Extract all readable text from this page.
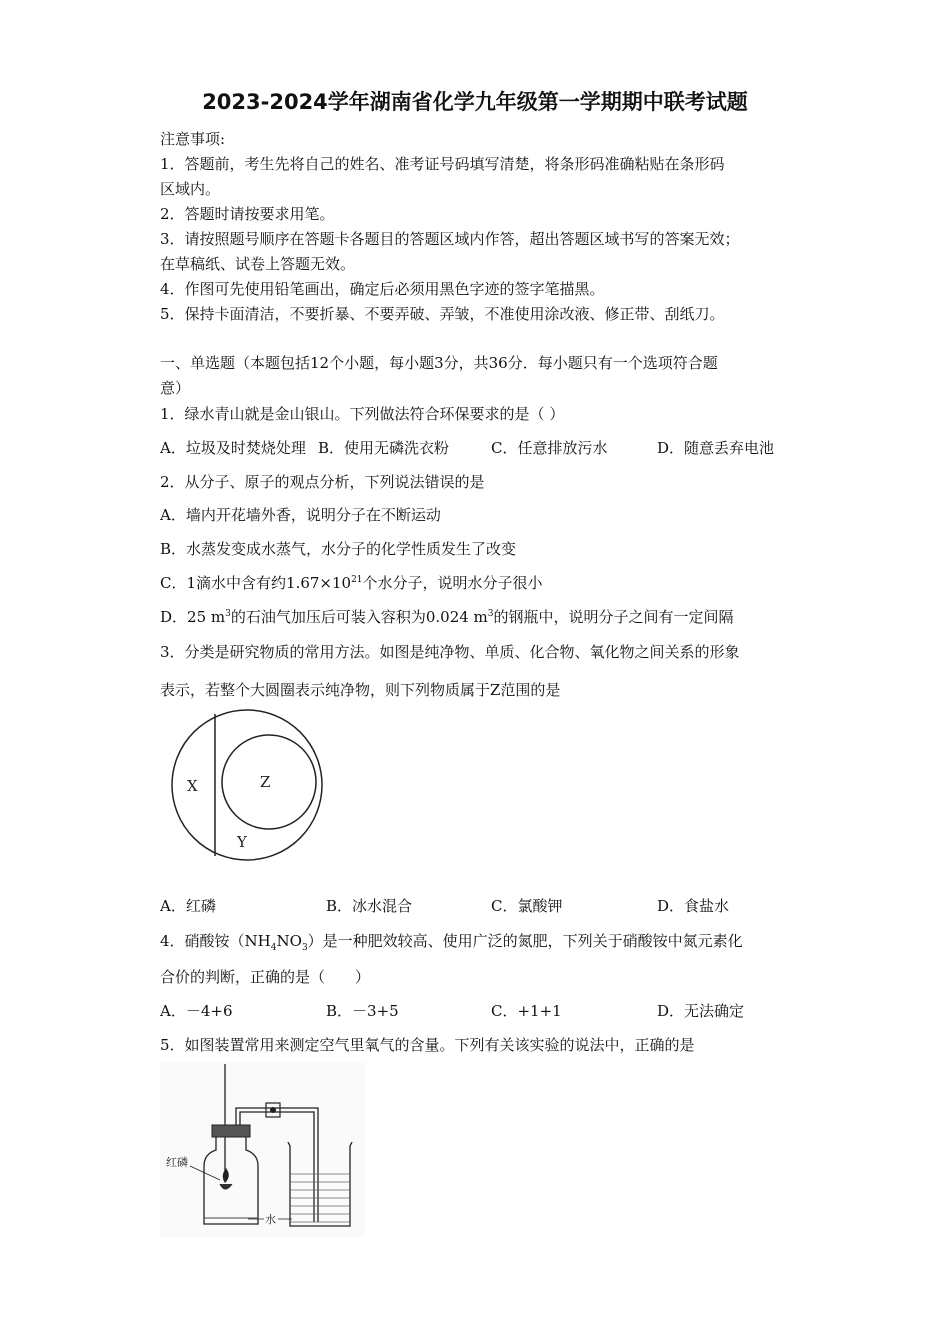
2023-2024学年湖南省化学九年级第一学期期中联考试题
注意事项:
1．答题前，考生先将自己的姓名、准考证号码填写清楚，将条形码准确粘贴在条形码
区域内。
2．答题时请按要求用笔。
3．请按照题号顺序在答题卡各题目的答题区域内作答，超出答题区域书写的答案无效；
在草稿纸、试卷上答题无效。
4．作图可先使用铅笔画出，确定后必须用黑色字迹的签字笔描黑。
5．保持卡面清洁，不要折暴、不要弄破、弄皱，不准使用涂改液、修正带、刮纸刀。
一、单选题（本题包括12个小题，每小题3分，共36分．每小题只有一个选项符合题
意）
1．绿水青山就是金山银山。下列做法符合环保要求的是（ ）
A．垃圾及时焚烧处理 B．使用无磷洗衣粉	C．任意排放污水	D．随意丢弃电池
2．从分子、原子的观点分析，下列说法错误的是
A．墙内开花墙外香，说明分子在不断运动
B．水蒸发变成水蒸气，水分子的化学性质发生了改变
C．1滴水中含有约$1.67\times 10^{21}$个水分子，说明水分子很小
D．25 $m^3$的石油气加压后可装入容积为0.024 $m^3$的钢瓶中，说明分子之间有一定间隔
3．分类是研究物质的常用方法。如图是纯净物、单质、化合物、氧化物之间关系的形象
表示，若整个大圆圈表示纯净物，则下列物质属于Z范围的是
X	Z
Y
A．红磷	B．冰水混合	C．氯酸钾	D．食盐水
4．硝酸铵$(NH_4NO_3)$是一种肥效较高、使用广泛的氮肥，下列关于硝酸铵中氮元素化
合价的判断，正确的是（　　）
A．－4+6	B．－3+5	C．+1+1	D．无法确定
5．如图装置常用来测定空气里氧气的含量。下列有关该实验的说法中，正确的是
红磷
水
